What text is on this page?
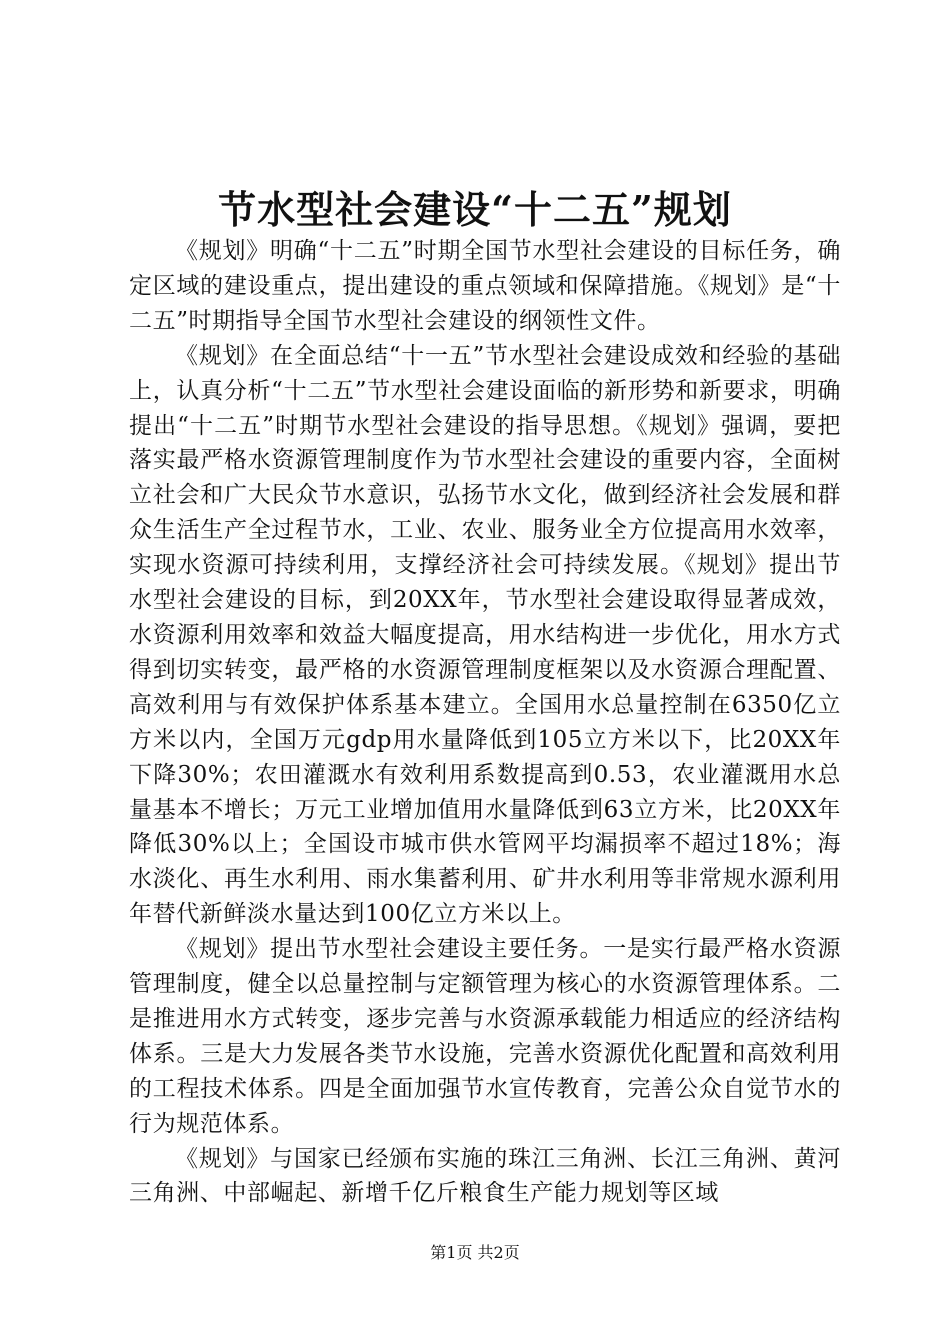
节水型社会建设“十二五”规划

《规划》明确“十二五”时期全国节水型社会建设的目标任务，确定区域的建设重点，提出建设的重点领域和保障措施。《规划》是“十二五”时期指导全国节水型社会建设的纲领性文件。

《规划》在全面总结“十一五”节水型社会建设成效和经验的基础上，认真分析“十二五”节水型社会建设面临的新形势和新要求，明确提出“十二五”时期节水型社会建设的指导思想。《规划》强调，要把落实最严格水资源管理制度作为节水型社会建设的重要内容，全面树立社会和广大民众节水意识，弘扬节水文化，做到经济社会发展和群众生活生产全过程节水，工业、农业、服务业全方位提高用水效率，实现水资源可持续利用，支撑经济社会可持续发展。《规划》提出节水型社会建设的目标，到20XX年，节水型社会建设取得显著成效，水资源利用效率和效益大幅度提高，用水结构进一步优化，用水方式得到切实转变，最严格的水资源管理制度框架以及水资源合理配置、高效利用与有效保护体系基本建立。全国用水总量控制在6350亿立方米以内，全国万元gdp用水量降低到105立方米以下，比20XX年下降30%；农田灌溉水有效利用系数提高到0.53，农业灌溉用水总量基本不增长；万元工业增加值用水量降低到63立方米，比20XX年降低30%以上；全国设市城市供水管网平均漏损率不超过18%；海水淡化、再生水利用、雨水集蓄利用、矿井水利用等非常规水源利用年替代新鲜淡水量达到100亿立方米以上。

《规划》提出节水型社会建设主要任务。一是实行最严格水资源管理制度，健全以总量控制与定额管理为核心的水资源管理体系。二是推进用水方式转变，逐步完善与水资源承载能力相适应的经济结构体系。三是大力发展各类节水设施，完善水资源优化配置和高效利用的工程技术体系。四是全面加强节水宣传教育，完善公众自觉节水的行为规范体系。

《规划》与国家已经颁布实施的珠江三角洲、长江三角洲、黄河三角洲、中部崛起、新增千亿斤粮食生产能力规划等区域

第1页 共2页
